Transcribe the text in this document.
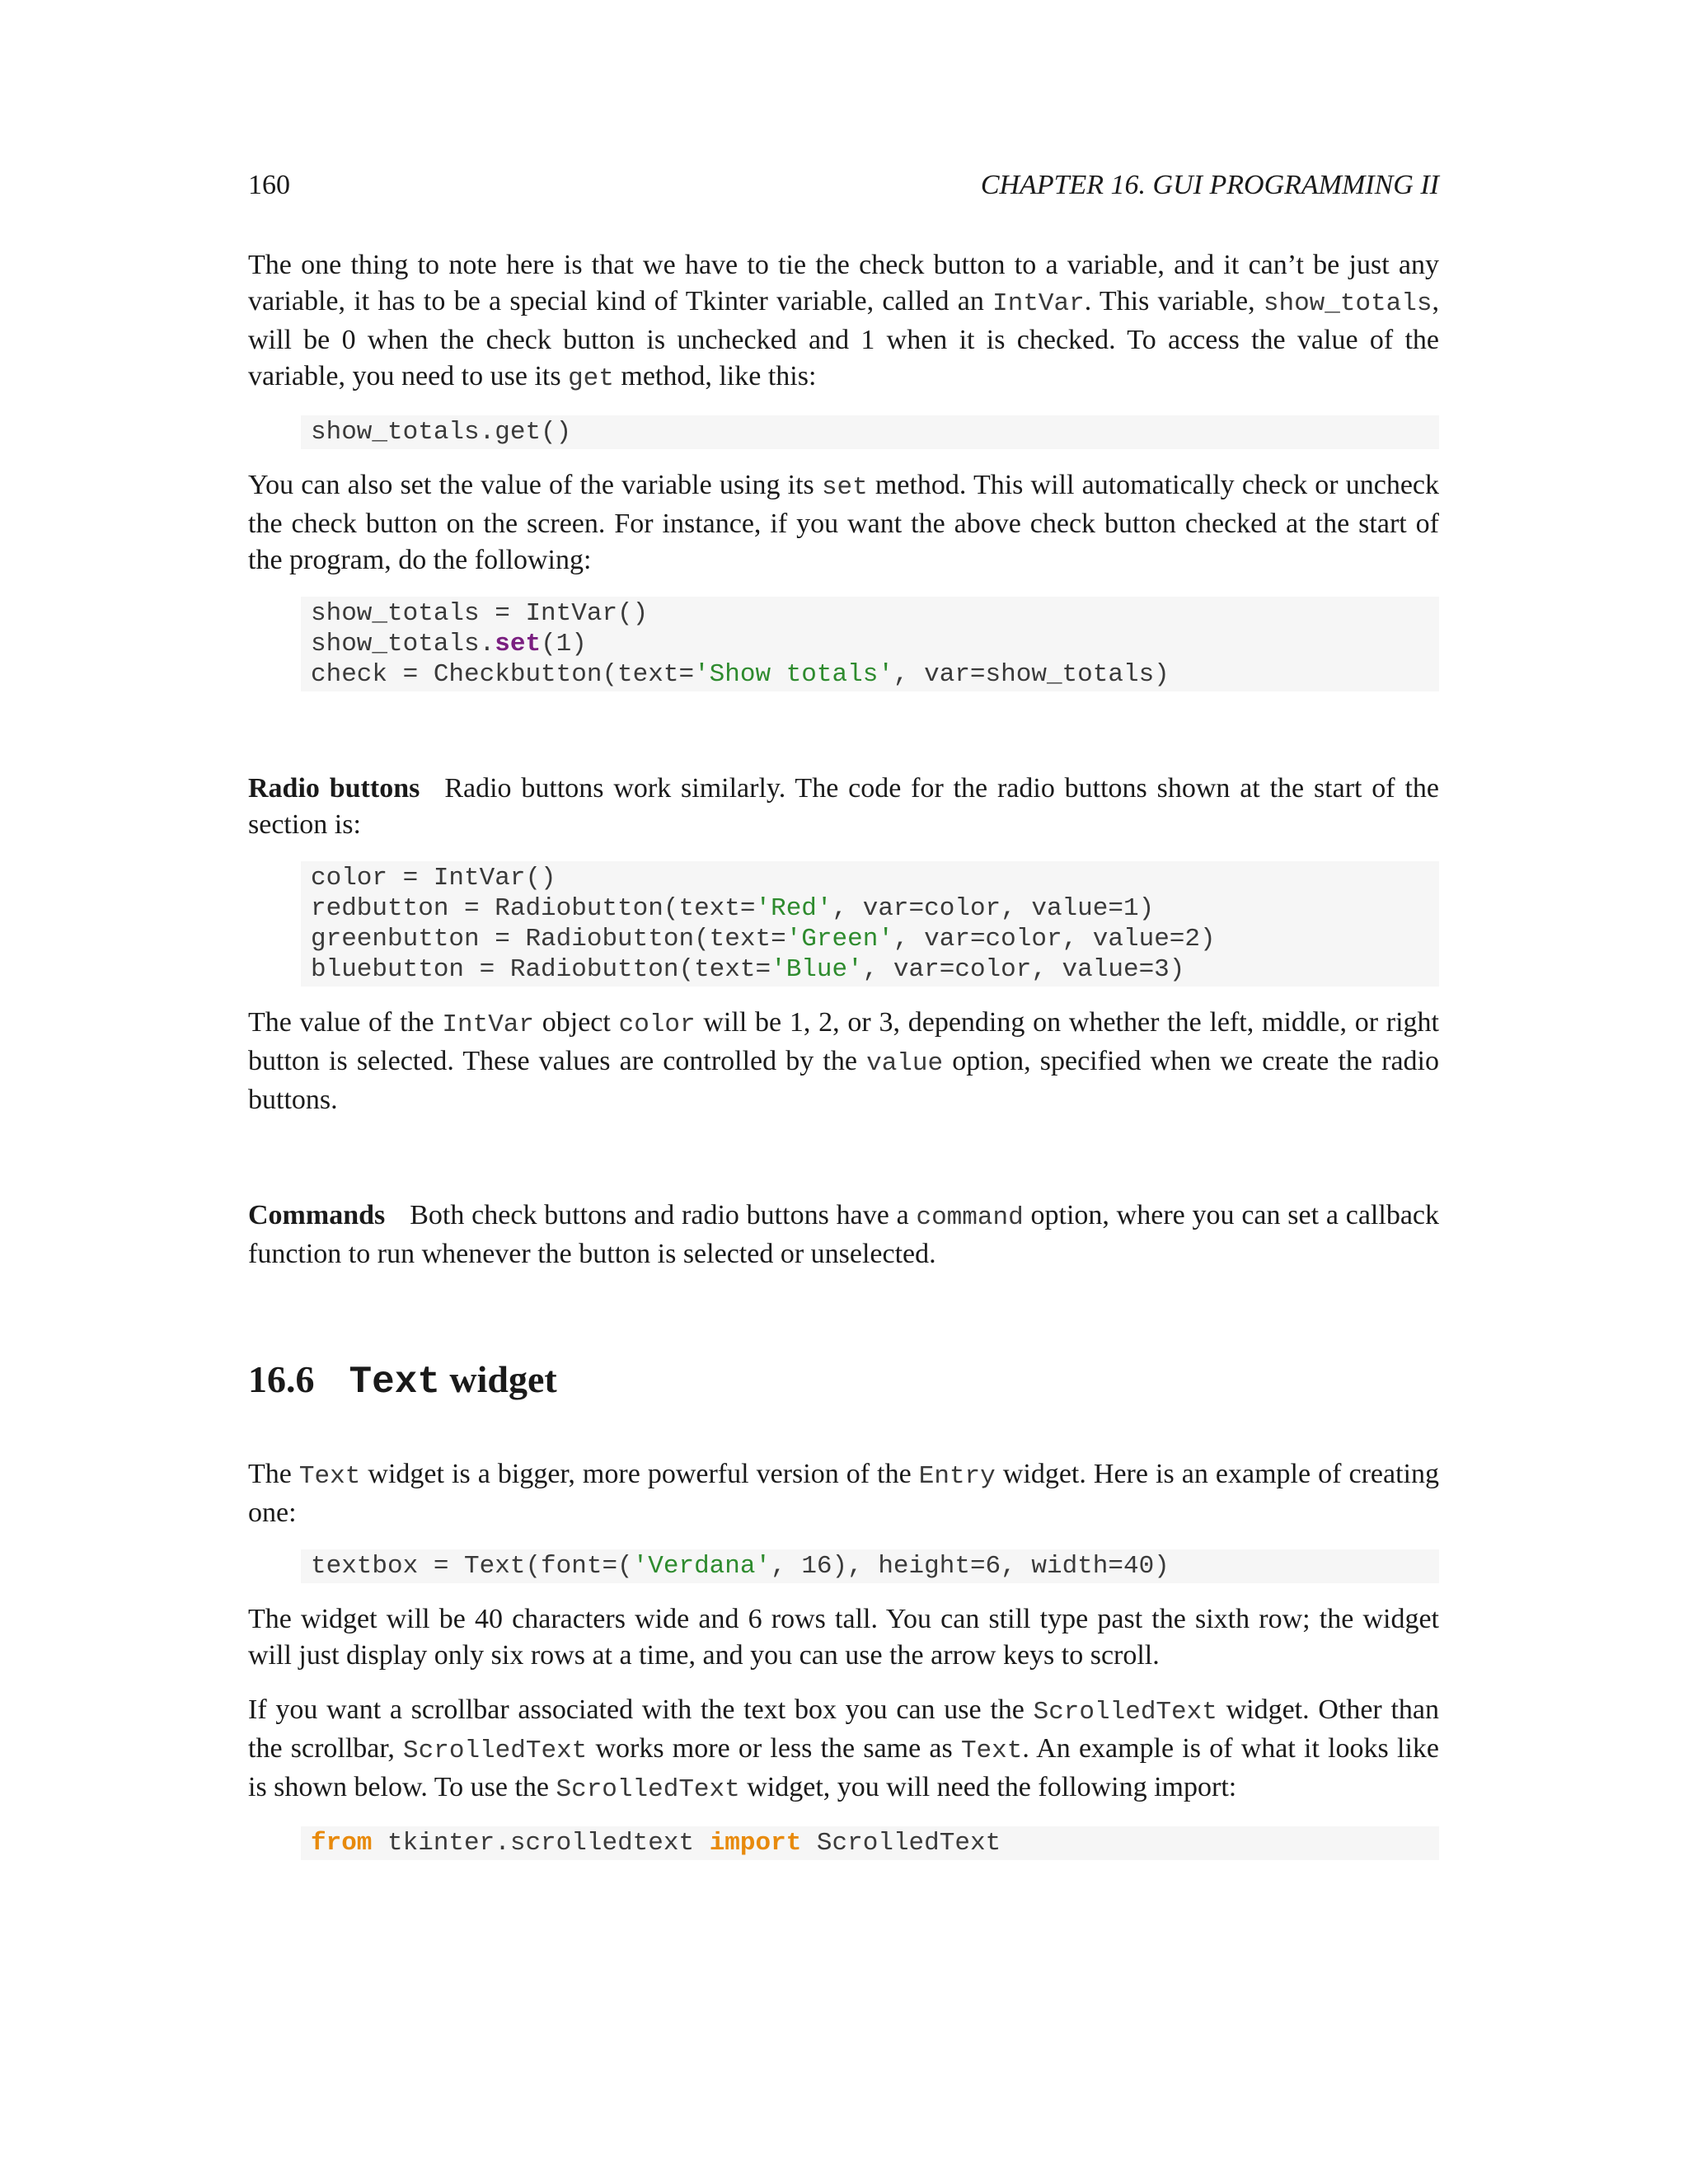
160	CHAPTER 16. GUI PROGRAMMING II

The one thing to note here is that we have to tie the check button to a variable, and it can’t be just any variable, it has to be a special kind of Tkinter variable, called an IntVar. This variable, show_totals, will be 0 when the check button is unchecked and 1 when it is checked. To access the value of the variable, you need to use its get method, like this:

show_totals.get()

You can also set the value of the variable using its set method. This will automatically check or uncheck the check button on the screen. For instance, if you want the above check button checked at the start of the program, do the following:

show_totals = IntVar()
show_totals.set(1)
check = Checkbutton(text='Show totals', var=show_totals)

Radio buttons Radio buttons work similarly. The code for the radio buttons shown at the start of the section is:

color = IntVar()
redbutton = Radiobutton(text='Red', var=color, value=1)
greenbutton = Radiobutton(text='Green', var=color, value=2)
bluebutton = Radiobutton(text='Blue', var=color, value=3)

The value of the IntVar object color will be 1, 2, or 3, depending on whether the left, middle, or right button is selected. These values are controlled by the value option, specified when we create the radio buttons.

Commands Both check buttons and radio buttons have a command option, where you can set a callback function to run whenever the button is selected or unselected.

16.6 Text widget

The Text widget is a bigger, more powerful version of the Entry widget. Here is an example of creating one:

textbox = Text(font=('Verdana', 16), height=6, width=40)

The widget will be 40 characters wide and 6 rows tall. You can still type past the sixth row; the widget will just display only six rows at a time, and you can use the arrow keys to scroll.

If you want a scrollbar associated with the text box you can use the ScrolledText widget. Other than the scrollbar, ScrolledText works more or less the same as Text. An example is of what it looks like is shown below. To use the ScrolledText widget, you will need the following import:

from tkinter.scrolledtext import ScrolledText
